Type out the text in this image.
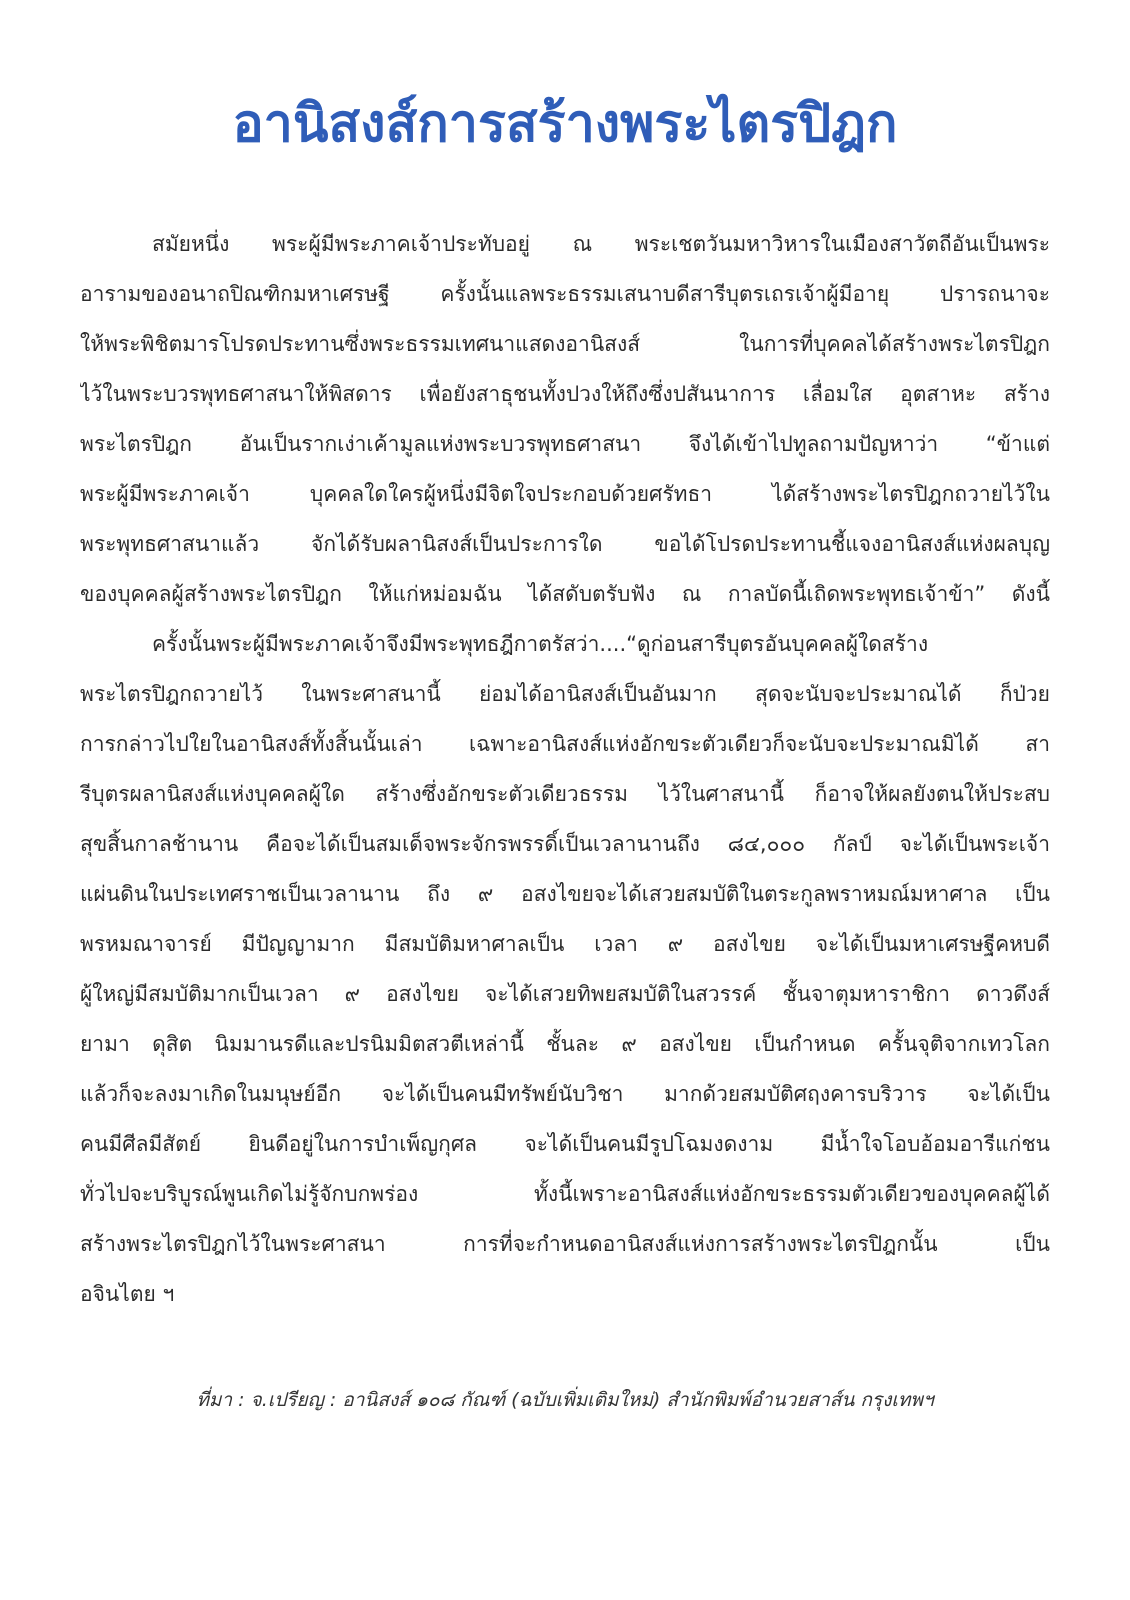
อานิสงส์การสร้างพระไตรปิฎก
สมัยหนึ่ง พระผู้มีพระภาคเจ้าประทับอยู่ ณ พระเชตวันมหาวิหารในเมืองสาวัตถีอันเป็นพระ
อารามของอนาถปิณฑิกมหาเศรษฐี ครั้งนั้นแลพระธรรมเสนาบดีสารีบุตรเถรเจ้าผู้มีอายุ ปรารถนาจะ
ให้พระพิชิตมารโปรดประทานซึ่งพระธรรมเทศนาแสดงอานิสงส์ ในการที่บุคคลได้สร้างพระไตรปิฎก
ไว้ในพระบวรพุทธศาสนาให้พิสดาร เพื่อยังสาธุชนทั้งปวงให้ถึงซึ่งปสันนาการ เลื่อมใส อุตสาหะ สร้าง
พระไตรปิฎก อันเป็นรากเง่าเค้ามูลแห่งพระบวรพุทธศาสนา จึงได้เข้าไปทูลถามปัญหาว่า “ข้าแต่
พระผู้มีพระภาคเจ้า บุคคลใดใครผู้หนึ่งมีจิตใจประกอบด้วยศรัทธา ได้สร้างพระไตรปิฎกถวายไว้ใน
พระพุทธศาสนาแล้ว จักได้รับผลานิสงส์เป็นประการใด ขอได้โปรดประทานชี้แจงอานิสงส์แห่งผลบุญ
ของบุคคลผู้สร้างพระไตรปิฎก ให้แก่หม่อมฉัน ได้สดับตรับฟัง ณ กาลบัดนี้เถิดพระพุทธเจ้าข้า” ดังนี้
ครั้งนั้นพระผู้มีพระภาคเจ้าจึงมีพระพุทธฎีกาตรัสว่า....“ดูก่อนสารีบุตรอันบุคคลผู้ใดสร้าง
พระไตรปิฎกถวายไว้ ในพระศาสนานี้ ย่อมได้อานิสงส์เป็นอันมาก สุดจะนับจะประมาณได้ ก็ป่วย
การกล่าวไปใยในอานิสงส์ทั้งสิ้นนั้นเล่า เฉพาะอานิสงส์แห่งอักขระตัวเดียวก็จะนับจะประมาณมิได้ สา
รีบุตรผลานิสงส์แห่งบุคคลผู้ใด สร้างซึ่งอักขระตัวเดียวธรรม ไว้ในศาสนานี้ ก็อาจให้ผลยังตนให้ประสบ
สุขสิ้นกาลช้านาน คือจะได้เป็นสมเด็จพระจักรพรรดิ์เป็นเวลานานถึง ๘๔,๐๐๐ กัลป์ จะได้เป็นพระเจ้า
แผ่นดินในประเทศราชเป็นเวลานาน ถึง ๙ อสงไขยจะได้เสวยสมบัติในตระกูลพราหมณ์มหาศาล เป็น
พรหมณาจารย์ มีปัญญามาก มีสมบัติมหาศาลเป็น เวลา ๙ อสงไขย จะได้เป็นมหาเศรษฐีคหบดี
ผู้ใหญ่มีสมบัติมากเป็นเวลา ๙ อสงไขย จะได้เสวยทิพยสมบัติในสวรรค์ ชั้นจาตุมหาราชิกา ดาวดึงส์
ยามา ดุสิต นิมมานรดีและปรนิมมิตสวตีเหล่านี้ ชั้นละ ๙ อสงไขย เป็นกำหนด ครั้นจุติจากเทวโลก
แล้วก็จะลงมาเกิดในมนุษย์อีก จะได้เป็นคนมีทรัพย์นับวิชา มากด้วยสมบัติศฤงคารบริวาร จะได้เป็น
คนมีศีลมีสัตย์ ยินดีอยู่ในการบำเพ็ญกุศล จะได้เป็นคนมีรูปโฉมงดงาม มีน้ำใจโอบอ้อมอารีแก่ชน
ทั่วไปจะบริบูรณ์พูนเกิดไม่รู้จักบกพร่อง ทั้งนี้เพราะอานิสงส์แห่งอักขระธรรมตัวเดียวของบุคคลผู้ได้
สร้างพระไตรปิฎกไว้ในพระศาสนา การที่จะกำหนดอานิสงส์แห่งการสร้างพระไตรปิฎกนั้น เป็น
อจินไตย ฯ
ที่มา : จ.เปรียญ : อานิสงส์ ๑๐๘ กัณฑ์ (ฉบับเพิ่มเติมใหม่) สำนักพิมพ์อำนวยสาส์น กรุงเทพฯ
